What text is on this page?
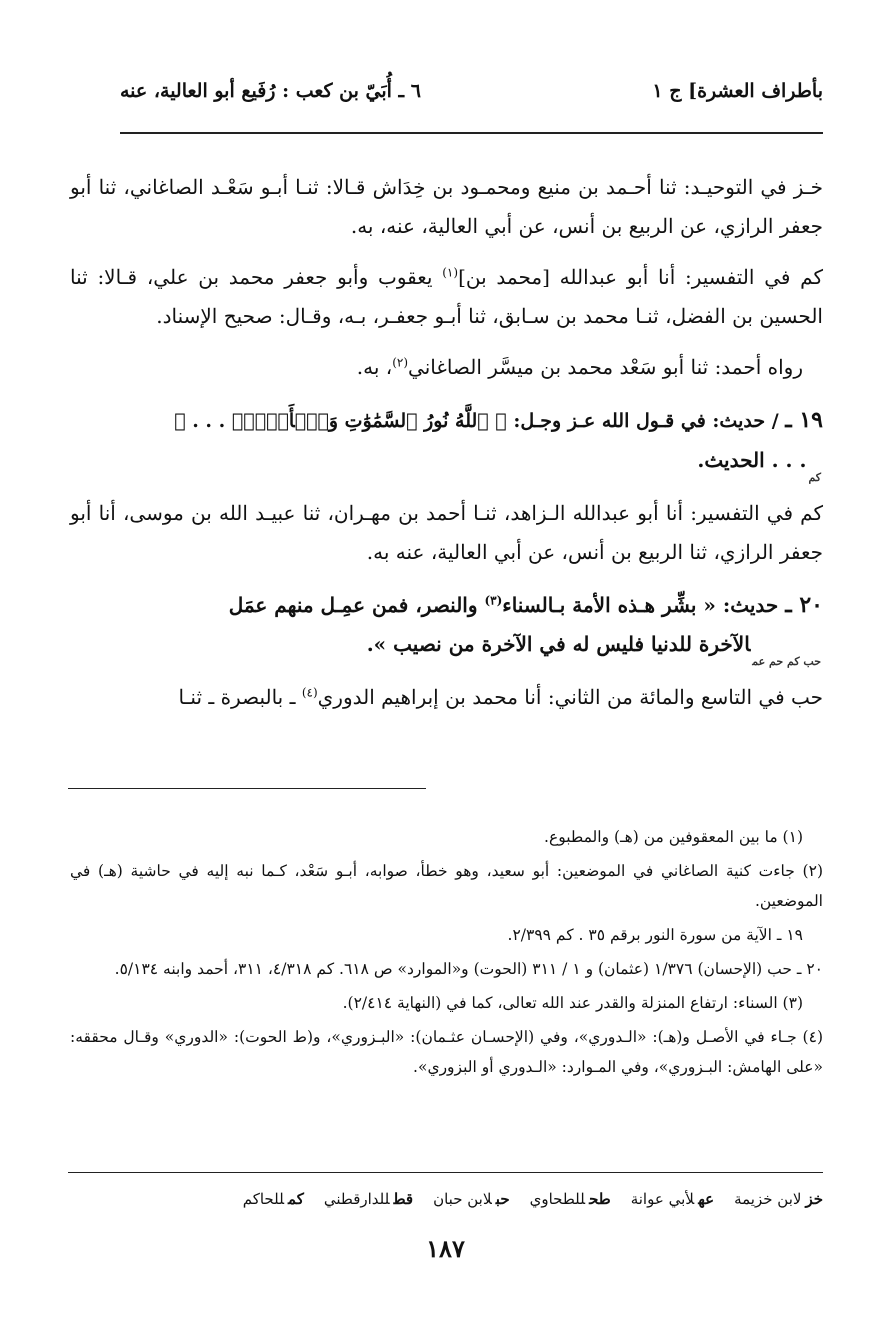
بأطراف العشرة] ج ١
٦ ـ أُبَيّ بن كعب : رُفَيع أبو العالية، عنه

خـز في التوحيـد: ثنا أحـمد بن منيع ومحمـود بن خِدَاش قـالا: ثنـا أبـو سَعْـد الصاغاني، ثنا أبو جعفر الرازي، عن الربيع بن أنس، عن أبي العالية، عنه، به.

كم في التفسير: أنا أبو عبدالله [محمد بن]$^{(١)}$ يعقوب وأبو جعفر محمد بن علي، قـالا: ثنا الحسين بن الفضل، ثنـا محمد بن سـابق، ثنا أبـو جعفـر، بـه، وقـال: صحيح الإسناد.

رواه أحمد: ثنا أبو سَعْد محمد بن ميسَّر الصاغاني$^{(٢)}$، به.

١٩ ـ / حديث: في قـول الله عـز وجـل: ﴿ ٱللَّهُ نُورُ ٱلسَّمَٰوَٰتِ وَٱلۡأَرۡضِۚ . . . ﴾
$_{كم}$. . . الحديث.

كم في التفسير: أنا أبو عبدالله الـزاهد، ثنـا أحمد بن مهـران، ثنا عبيـد الله بن موسى، أنا أبو جعفر الرازي، ثنا الربيع بن أنس، عن أبي العالية، عنه به.

٢٠ ـ حديث: « بشِّر هـذه الأمة بـالسناء$^{(٣)}$ والنصر، فمن عمِـل منهم عمَل
$_{حب كم حم عم}$الآخرة للدنيا فليس له في الآخرة من نصيب ».

حب في التاسع والمائة من الثاني: أنا محمد بن إبراهيم الدوري$^{(٤)}$ ـ بالبصرة ـ ثنـا

(١) ما بين المعقوفين من (هـ) والمطبوع.

(٢) جاءت كنية الصاغاني في الموضعين: أبو سعيد، وهو خطأ، صوابه، أبـو سَعْد، كـما نبه إليه في حاشية (هـ) في الموضعين.

١٩ ـ الآية من سورة النور برقم ٣٥ . كم ٢/٣٩٩.

٢٠ ـ حب (الإحسان) ١/٣٧٦ (عثمان) و ١ / ٣١١ (الحوت) و«الموارد» ص ٦١٨. كم ٤/٣١٨، ٣١١، أحمد وابنه ٥/١٣٤.

(٣) السناء: ارتفاع المنزلة والقدر عند الله تعالى، كما في (النهاية ٢/٤١٤).

(٤) جـاء في الأصـل و(هـ): «الـدوري»، وفي (الإحسـان عثـمان): «البـزوري»، و(ط الحوت): «الدوري» وقـال محققه: «على الهامش: البـزوري»، وفي المـوارد: «الـدوري أو البزوري».

خزلابن خزيمة
عهلأبي عوانة
طحللطحاوي
حبلابن حبان
قطللدارقطني
كمللحاكم
١٨٧
